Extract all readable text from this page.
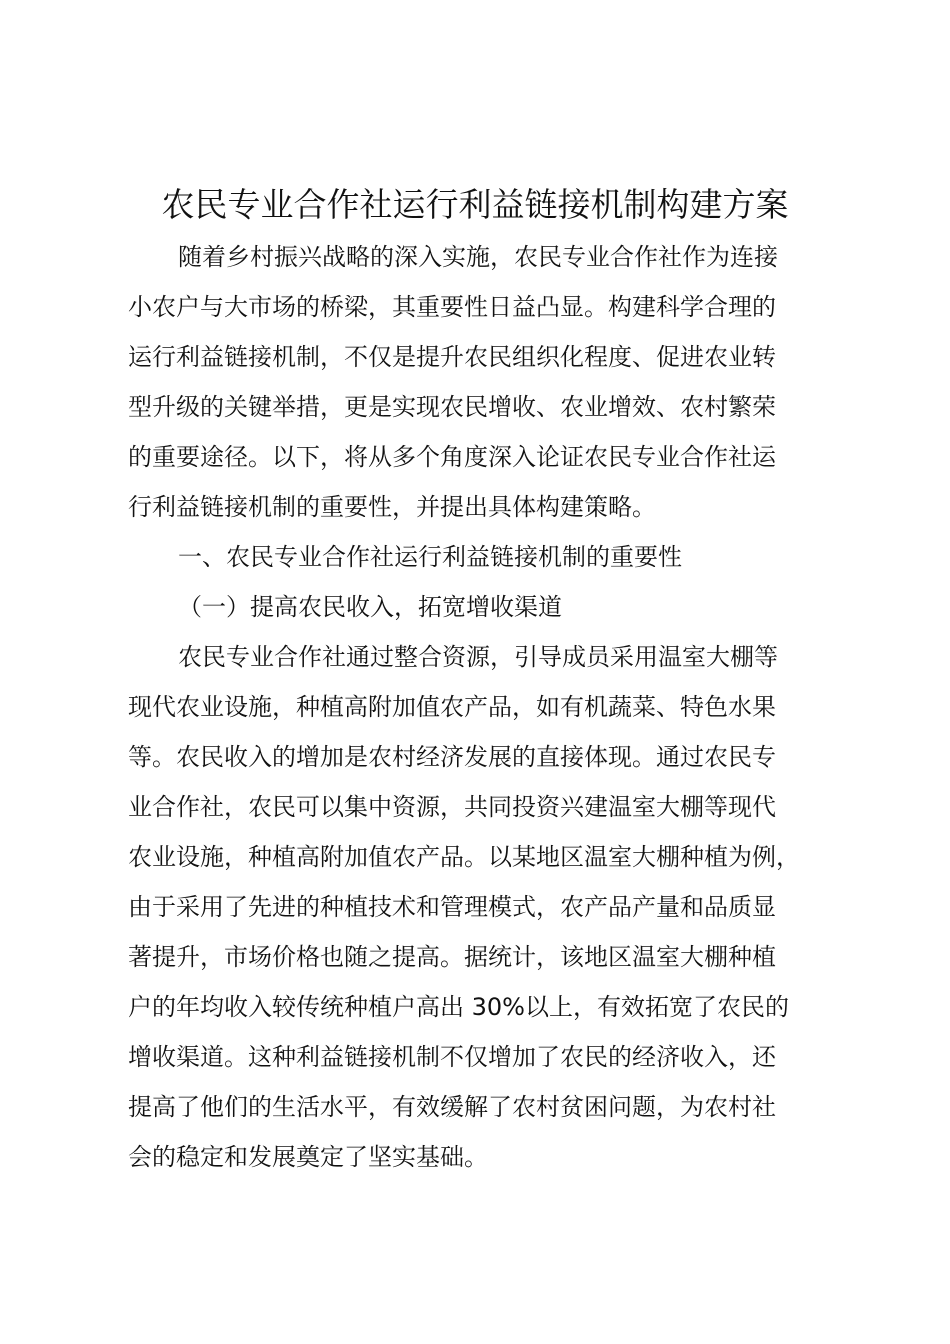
农民专业合作社运行利益链接机制构建方案
随着乡村振兴战略的深入实施，农民专业合作社作为连接
小农户与大市场的桥梁，其重要性日益凸显。构建科学合理的
运行利益链接机制，不仅是提升农民组织化程度、促进农业转
型升级的关键举措，更是实现农民增收、农业增效、农村繁荣
的重要途径。以下，将从多个角度深入论证农民专业合作社运
行利益链接机制的重要性，并提出具体构建策略。
一、农民专业合作社运行利益链接机制的重要性
（一）提高农民收入，拓宽增收渠道
农民专业合作社通过整合资源，引导成员采用温室大棚等
现代农业设施，种植高附加值农产品，如有机蔬菜、特色水果
等。农民收入的增加是农村经济发展的直接体现。通过农民专
业合作社，农民可以集中资源，共同投资兴建温室大棚等现代
农业设施，种植高附加值农产品。以某地区温室大棚种植为例，
由于采用了先进的种植技术和管理模式，农产品产量和品质显
著提升，市场价格也随之提高。据统计，该地区温室大棚种植
户的年均收入较传统种植户高出 30%以上，有效拓宽了农民的
增收渠道。这种利益链接机制不仅增加了农民的经济收入，还
提高了他们的生活水平，有效缓解了农村贫困问题，为农村社
会的稳定和发展奠定了坚实基础。
